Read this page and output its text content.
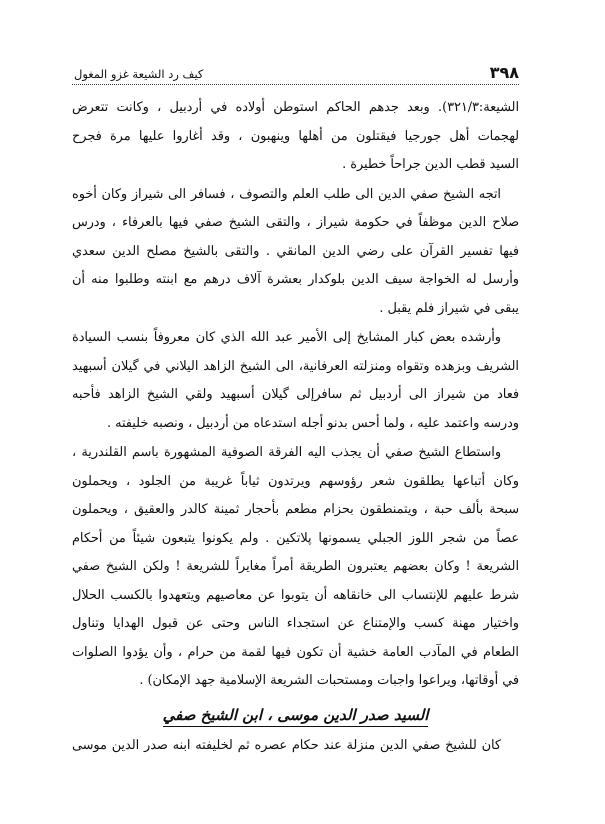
٣٩٨
كيف رد الشيعة غزو المغول
الشيعة:٣٢١/٣). وبعد جدهم الحاكم استوطن أولاده في أردبيل ، وكانت تتعرض
لهجمات أهل جورجيا فيقتلون من أهلها وينهبون ، وقد أغاروا عليها مرة فجرح
السيد قطب الدين جراحاً خطيرة .
اتجه الشيخ صفي الدين الى طلب العلم والتصوف ، فسافر الى شيراز وكان أخوه
صلاح الدين موظفاً في حكومة شيراز ، والتقى الشيخ صفي فيها بالعرفاء ، ودرس
فيها تفسير القرآن على رضي الدين المانقي . والتقى بالشيخ مصلح الدين سعدي
وأرسل له الخواجة سيف الدين بلوكدار بعشرة آلاف درهم مع ابنته وطلبوا منه أن
يبقى في شيراز فلم يقبل .
وأرشده بعض كبار المشايخ إلى الأمير عبد الله الذي كان معروفاً بنسب السيادة
الشريف وبزهده وتقواه ومنزلته العرفانية، الى الشيخ الزاهد اليلاني في گيلان أسبهيد
فعاد من شيراز الى أردبيل ثم سافرإلى گيلان أسبهيد ولقي الشيخ الزاهد فأحبه
ودرسه واعتمد عليه ، ولما أحس بدنو أجله استدعاه من أردبيل ، ونصبه خليفته .
واستطاع الشيخ صفي أن يجذب اليه الفرقة الصوفية المشهورة باسم القلندرية ،
وكان أتباعها يطلقون شعر رؤوسهم ويرتدون ثياباً غريبة من الجلود ، ويحملون
سبحة بألف حبة ، ويتمنطقون بحزام مطعم بأحجار ثمينة كالدر والعقيق ، ويحملون
عصاً من شجر اللوز الجبلي يسمونها پلاتكين . ولم يكونوا يتبعون شيئاً من أحكام
الشريعة ! وكان بعضهم يعتبرون الطريقة أمراً مغايراً للشريعة ! ولكن الشيخ صفي
شرط عليهم للإنتساب الى خانقاهه أن يتوبوا عن معاصيهم ويتعهدوا بالكسب الحلال
واختيار مهنة كسب والإمتناع عن استجداء الناس وحتى عن قبول الهدايا وتناول
الطعام في المآدب العامة خشية أن تكون فيها لقمة من حرام ، وأن يؤدوا الصلوات
في أوقاتها، ويراعوا واجبات ومستحبات الشريعة الإسلامية جهد الإمكان) .
السيد صدر الدين موسى ، ابن الشيخ صفي
كان للشيخ صفي الدين منزلة عند حكام عصره ثم لخليفته ابنه صدر الدين موسى
